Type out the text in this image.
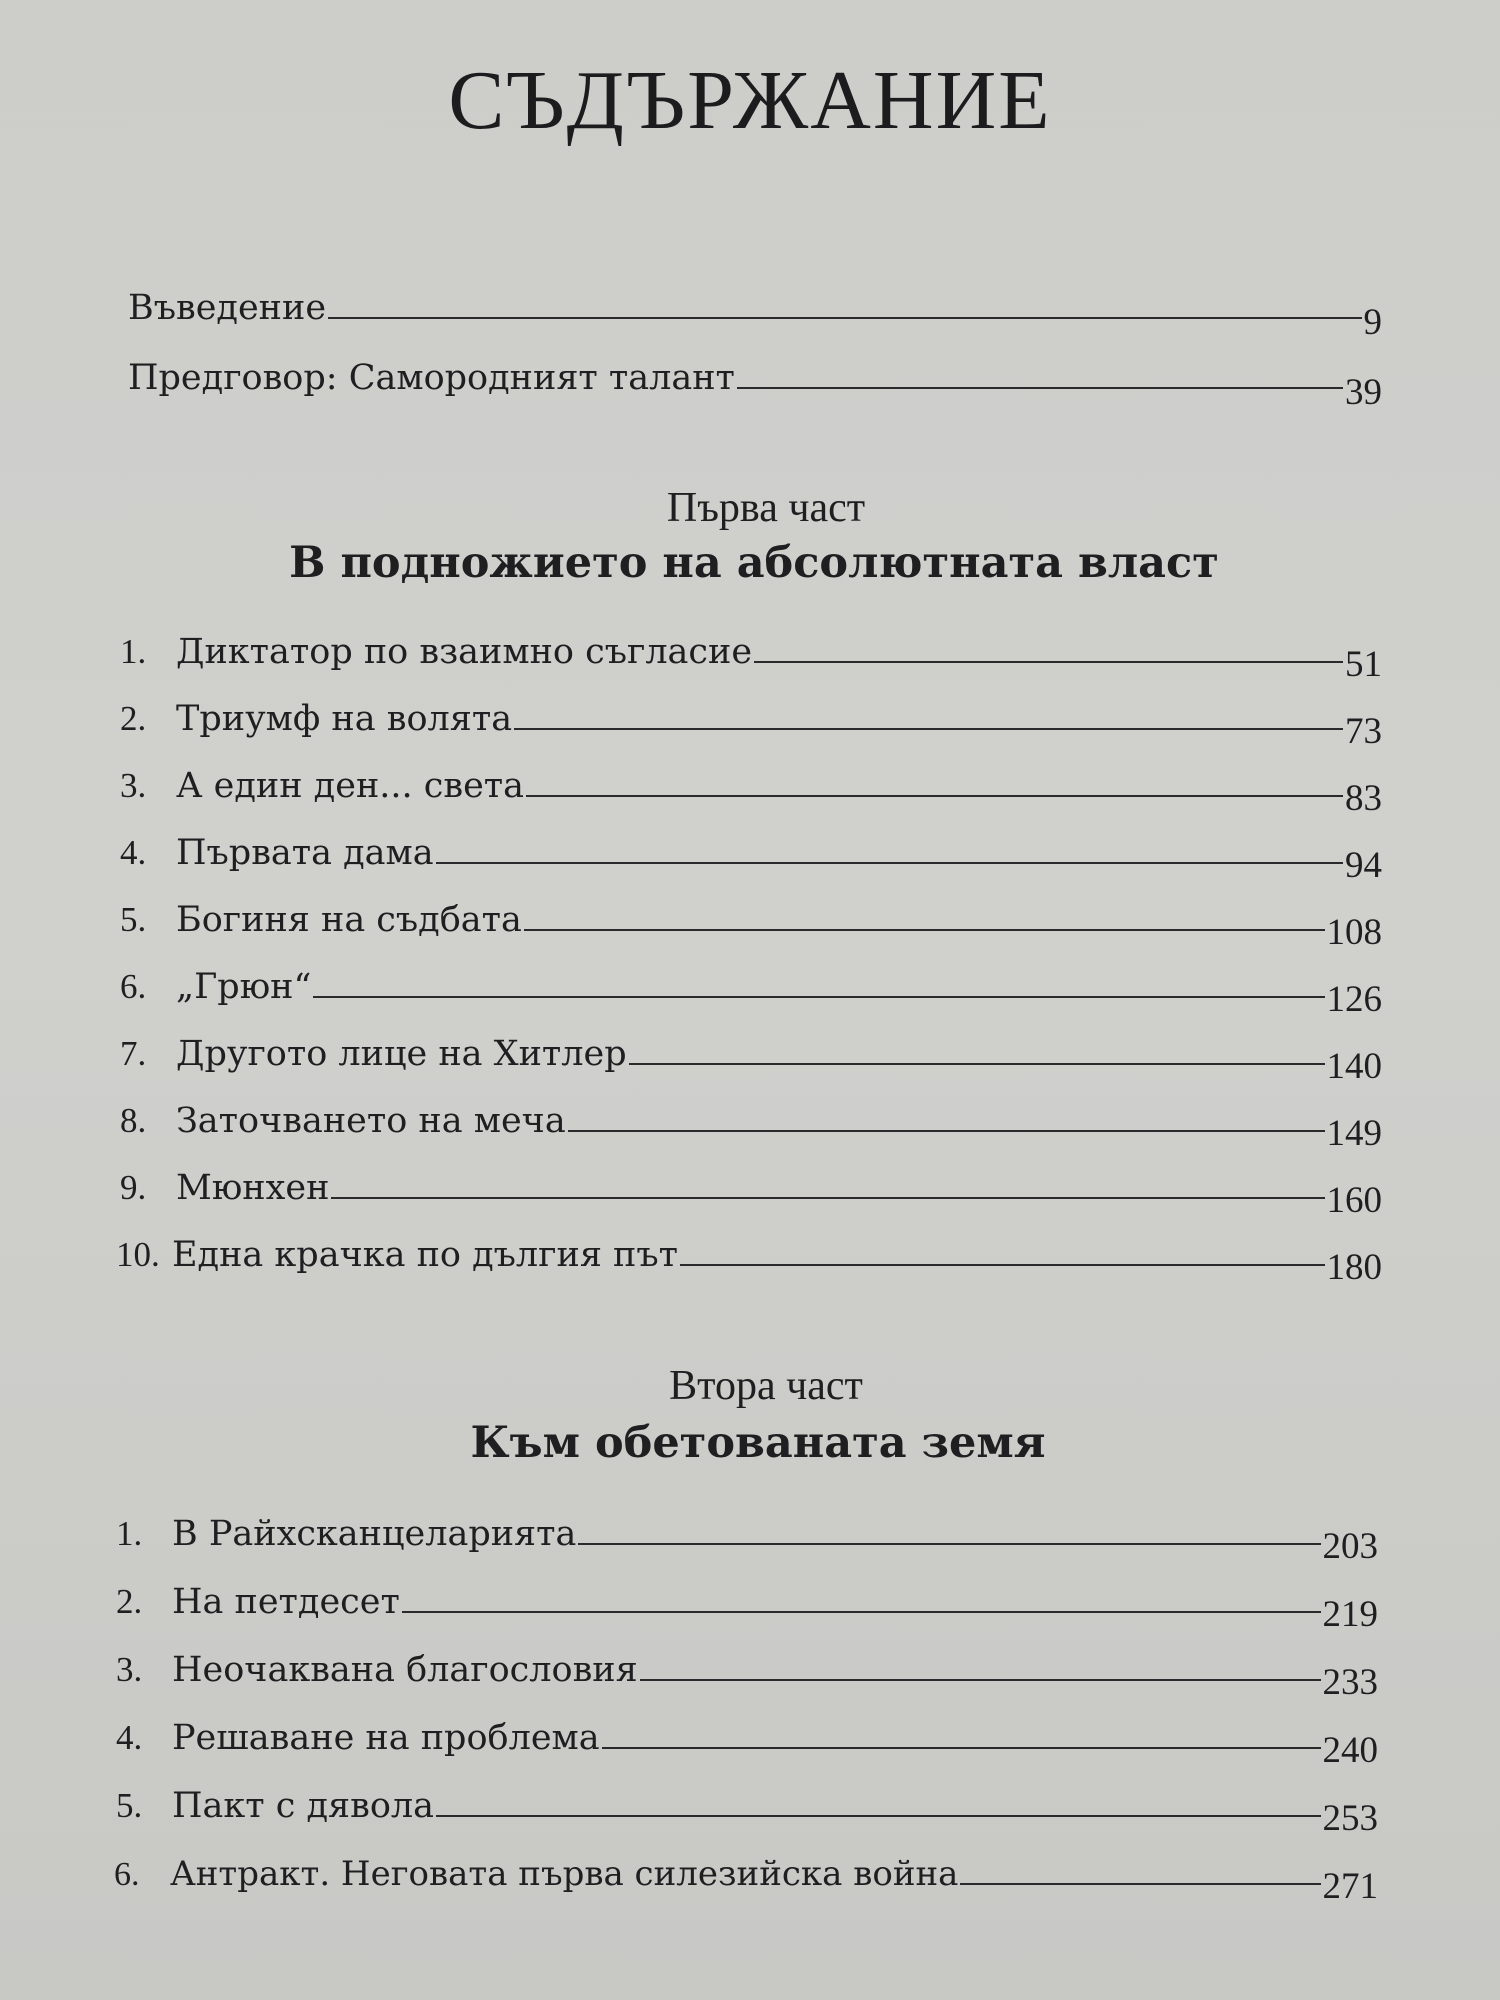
СЪДЪРЖАНИЕ
Въведение	9
Предговор: Самородният талант	39
Първа част
В подножието на абсолютната власт
1. Диктатор по взаимно съгласие	51
2. Триумф на волята	73
3. А един ден... света	83
4. Първата дама	94
5. Богиня на съдбата	108
6. „Грюн“	126
7. Другото лице на Хитлер	140
8. Заточването на меча	149
9. Мюнхен	160
10. Една крачка по дългия път	180
Втора част
Към обетованата земя
1. В Райхсканцеларията	203
2. На петдесет	219
3. Неочаквана благословия	233
4. Решаване на проблема	240
5. Пакт с дявола	253
6. Антракт. Неговата първа силезийска война	271
